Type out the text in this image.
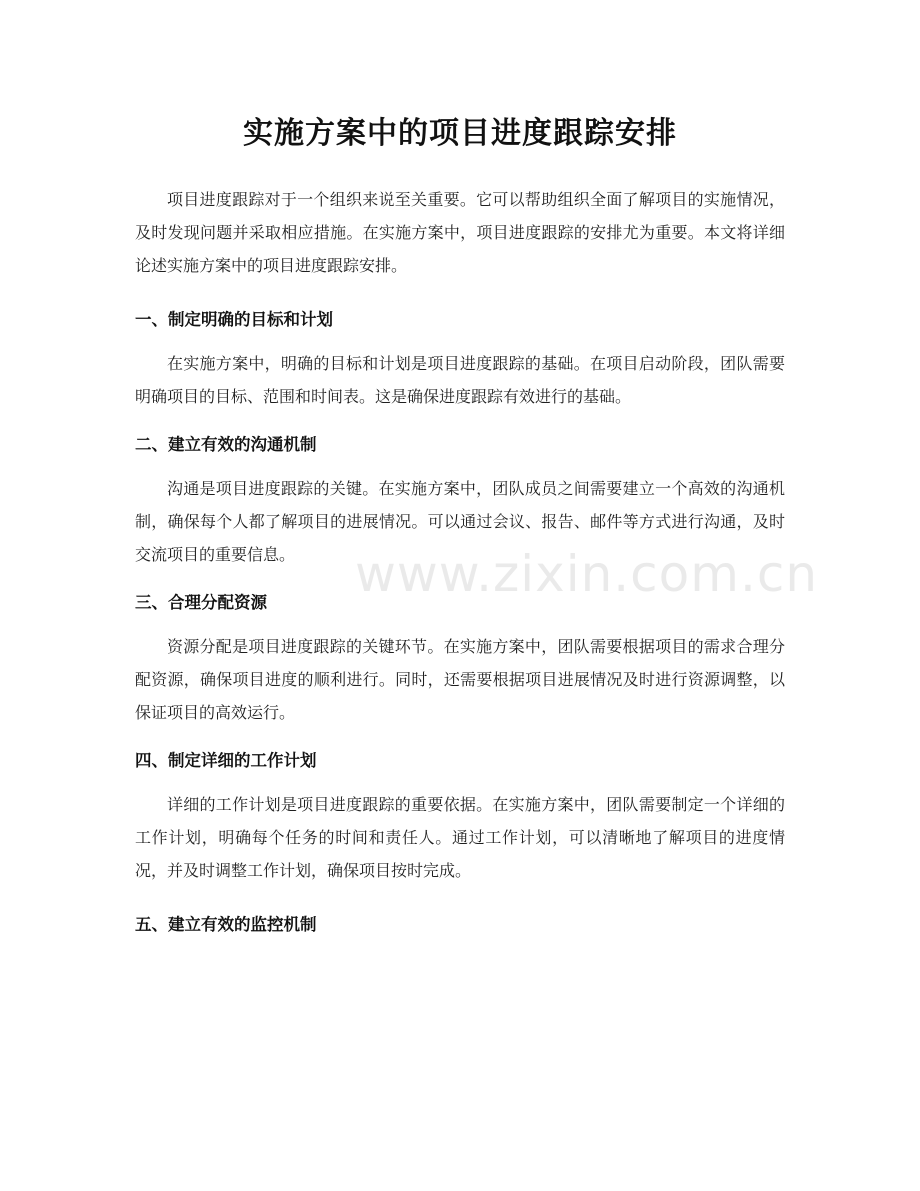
实施方案中的项目进度跟踪安排

项目进度跟踪对于一个组织来说至关重要。它可以帮助组织全面了解项目的实施情况，及时发现问题并采取相应措施。在实施方案中，项目进度跟踪的安排尤为重要。本文将详细论述实施方案中的项目进度跟踪安排。

一、制定明确的目标和计划

在实施方案中，明确的目标和计划是项目进度跟踪的基础。在项目启动阶段，团队需要明确项目的目标、范围和时间表。这是确保进度跟踪有效进行的基础。

二、建立有效的沟通机制

沟通是项目进度跟踪的关键。在实施方案中，团队成员之间需要建立一个高效的沟通机制，确保每个人都了解项目的进展情况。可以通过会议、报告、邮件等方式进行沟通，及时交流项目的重要信息。

三、合理分配资源

资源分配是项目进度跟踪的关键环节。在实施方案中，团队需要根据项目的需求合理分配资源，确保项目进度的顺利进行。同时，还需要根据项目进展情况及时进行资源调整，以保证项目的高效运行。

四、制定详细的工作计划

详细的工作计划是项目进度跟踪的重要依据。在实施方案中，团队需要制定一个详细的工作计划，明确每个任务的时间和责任人。通过工作计划，可以清晰地了解项目的进度情况，并及时调整工作计划，确保项目按时完成。

五、建立有效的监控机制
www.zixin.com.cn
